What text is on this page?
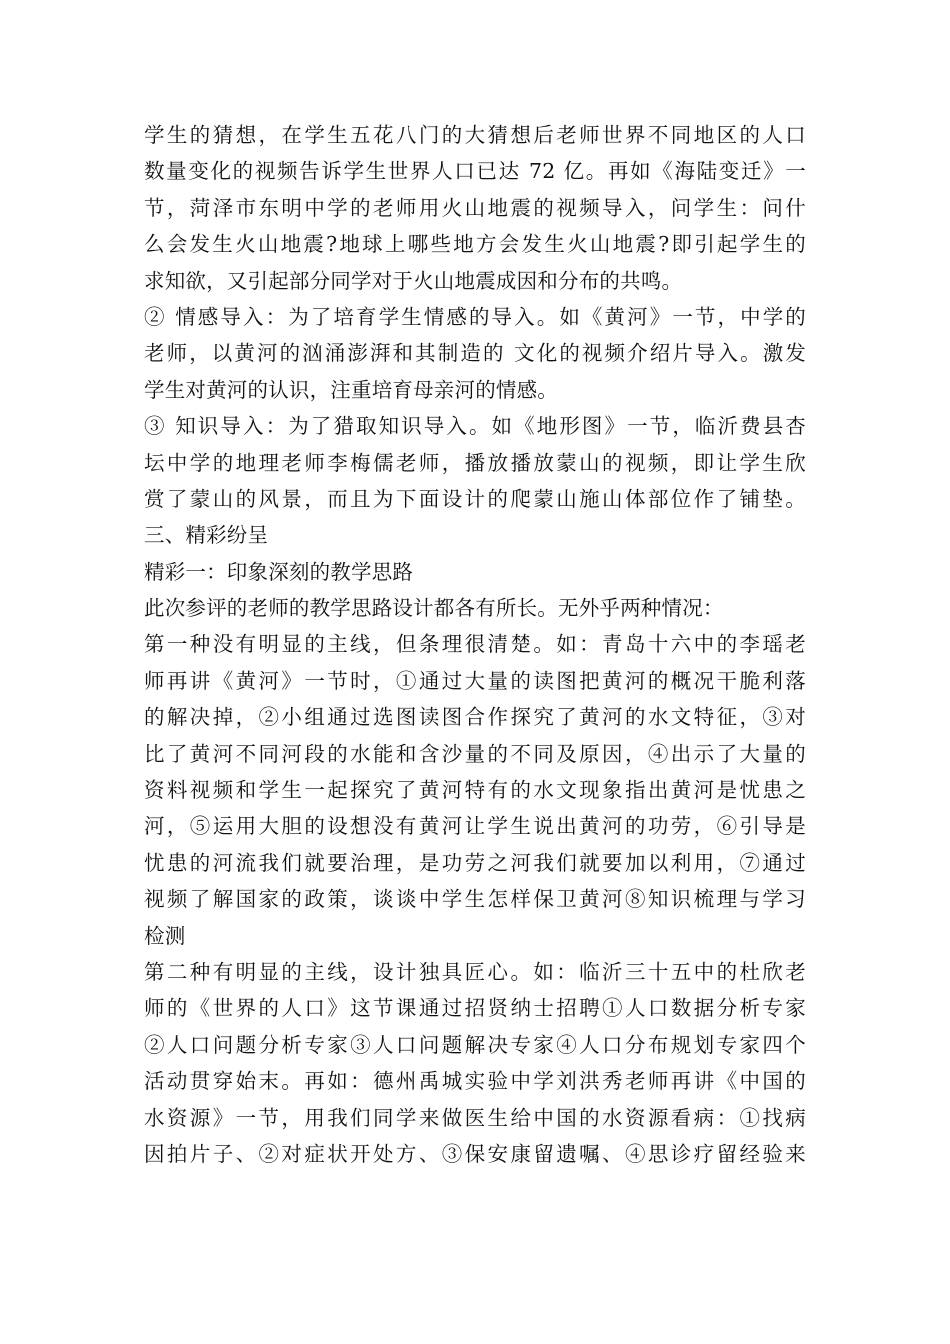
学生的猜想，在学生五花八门的大猜想后老师世界不同地区的人口
数量变化的视频告诉学生世界人口已达 72 亿。再如《海陆变迁》一
节，菏泽市东明中学的老师用火山地震的视频导入，问学生：问什
么会发生火山地震?地球上哪些地方会发生火山地震?即引起学生的
求知欲，又引起部分同学对于火山地震成因和分布的共鸣。
② 情感导入：为了培育学生情感的导入。如《黄河》一节，中学的
老师，以黄河的汹涌澎湃和其制造的 文化的视频介绍片导入。激发
学生对黄河的认识，注重培育母亲河的情感。
③ 知识导入：为了猎取知识导入。如《地形图》一节，临沂费县杏
坛中学的地理老师李梅儒老师，播放播放蒙山的视频，即让学生欣
赏了蒙山的风景，而且为下面设计的爬蒙山施山体部位作了铺垫。
三、精彩纷呈
精彩一：印象深刻的教学思路
此次参评的老师的教学思路设计都各有所长。无外乎两种情况：
第一种没有明显的主线，但条理很清楚。如：青岛十六中的李瑶老
师再讲《黄河》一节时，①通过大量的读图把黄河的概况干脆利落
的解决掉，②小组通过选图读图合作探究了黄河的水文特征，③对
比了黄河不同河段的水能和含沙量的不同及原因，④出示了大量的
资料视频和学生一起探究了黄河特有的水文现象指出黄河是忧患之
河，⑤运用大胆的设想没有黄河让学生说出黄河的功劳，⑥引导是
忧患的河流我们就要治理，是功劳之河我们就要加以利用，⑦通过
视频了解国家的政策，谈谈中学生怎样保卫黄河⑧知识梳理与学习
检测
第二种有明显的主线，设计独具匠心。如：临沂三十五中的杜欣老
师的《世界的人口》这节课通过招贤纳士招聘①人口数据分析专家
②人口问题分析专家③人口问题解决专家④人口分布规划专家四个
活动贯穿始末。再如：德州禹城实验中学刘洪秀老师再讲《中国的
水资源》一节，用我们同学来做医生给中国的水资源看病：①找病
因拍片子、②对症状开处方、③保安康留遗嘱、④思诊疗留经验来
